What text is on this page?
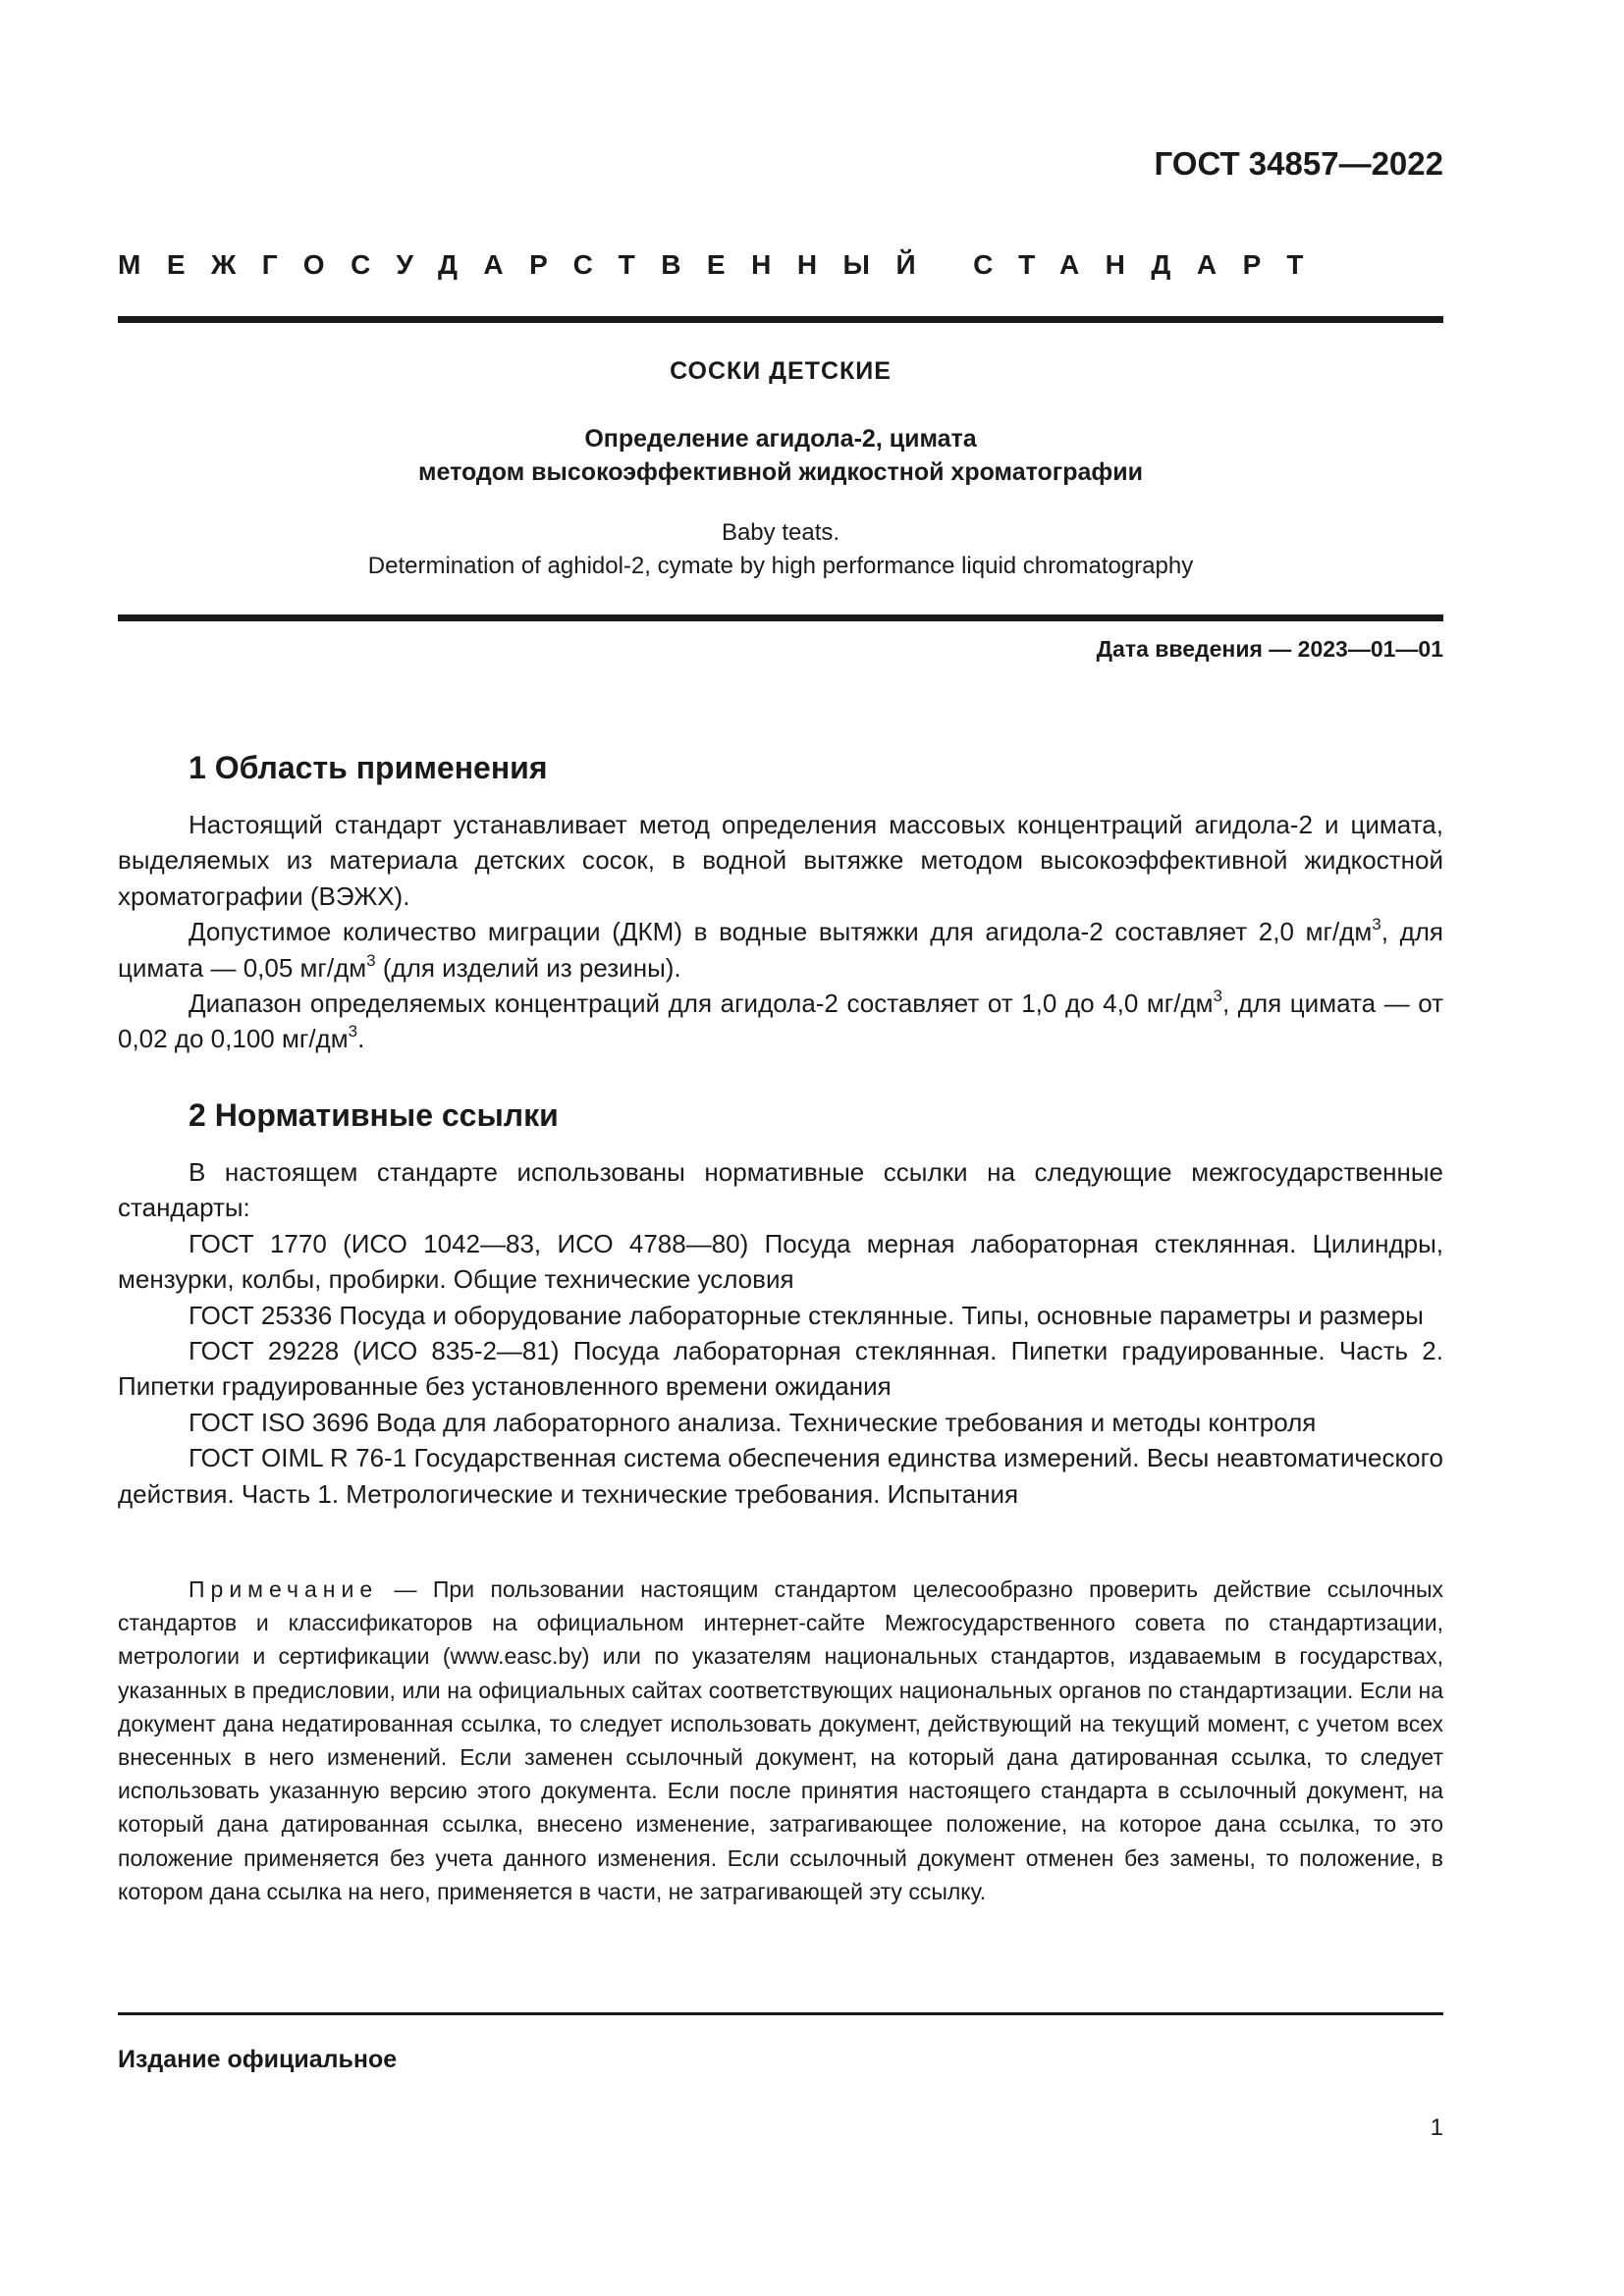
ГОСТ 34857—2022
МЕЖГОСУДАРСТВЕННЫЙ СТАНДАРТ
СОСКИ ДЕТСКИЕ
Определение агидола-2, цимата
методом высокоэффективной жидкостной хроматографии
Baby teats.
Determination of aghidol-2, cymate by high performance liquid chromatography
Дата введения — 2023—01—01
1 Область применения

Настоящий стандарт устанавливает метод определения массовых концентраций агидола-2 и цимата, выделяемых из материала детских сосок, в водной вытяжке методом высокоэффективной жидкостной хроматографии (ВЭЖХ).

Допустимое количество миграции (ДКМ) в водные вытяжки для агидола-2 составляет 2,0 $мг/дм^3$, для цимата — 0,05 $мг/дм^3$ (для изделий из резины).

Диапазон определяемых концентраций для агидола-2 составляет от 1,0 до 4,0 $мг/дм^3$, для цимата — от 0,02 до 0,100 $мг/дм^3$.

2 Нормативные ссылки

В настоящем стандарте использованы нормативные ссылки на следующие межгосударственные стандарты:

ГОСТ 1770 (ИСО 1042—83, ИСО 4788—80) Посуда мерная лабораторная стеклянная. Цилиндры, мензурки, колбы, пробирки. Общие технические условия

ГОСТ 25336 Посуда и оборудование лабораторные стеклянные. Типы, основные параметры и размеры

ГОСТ 29228 (ИСО 835-2—81) Посуда лабораторная стеклянная. Пипетки градуированные. Часть 2. Пипетки градуированные без установленного времени ожидания

ГОСТ ISO 3696 Вода для лабораторного анализа. Технические требования и методы контроля

ГОСТ OIML R 76-1 Государственная система обеспечения единства измерений. Весы неавтоматического действия. Часть 1. Метрологические и технические требования. Испытания

Примечание — При пользовании настоящим стандартом целесообразно проверить действие ссылочных стандартов и классификаторов на официальном интернет-сайте Межгосударственного совета по стандартизации, метрологии и сертификации (www.easc.by) или по указателям национальных стандартов, издаваемым в государствах, указанных в предисловии, или на официальных сайтах соответствующих национальных органов по стандартизации. Если на документ дана недатированная ссылка, то следует использовать документ, действующий на текущий момент, с учетом всех внесенных в него изменений. Если заменен ссылочный документ, на который дана датированная ссылка, то следует использовать указанную версию этого документа. Если после принятия настоящего стандарта в ссылочный документ, на который дана датированная ссылка, внесено изменение, затрагивающее положение, на которое дана ссылка, то это положение применяется без учета данного изменения. Если ссылочный документ отменен без замены, то положение, в котором дана ссылка на него, применяется в части, не затрагивающей эту ссылку.

Издание официальное
1
